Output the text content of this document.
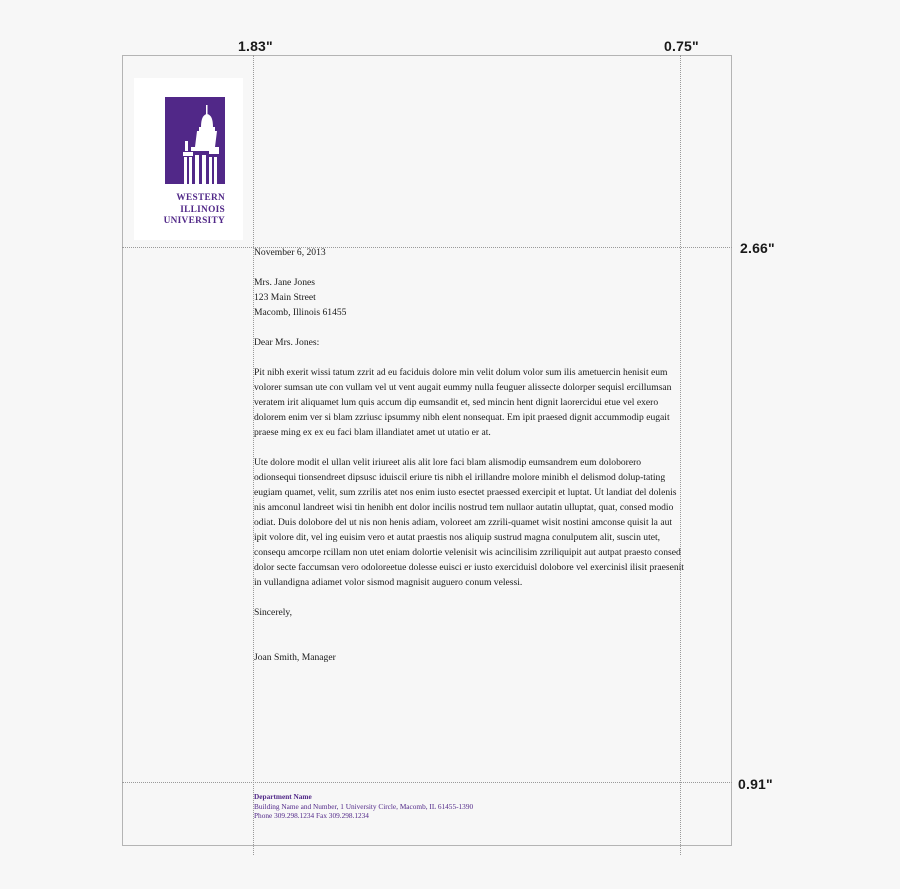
1.83"	0.75"
2.66"
0.91"
WESTERN
ILLINOIS
UNIVERSITY

November 6, 2013

Mrs. Jane Jones

123 Main Street

Macomb, Illinois 61455

Dear Mrs. Jones:

Pit nibh exerit wissi tatum zzrit ad eu faciduis dolore min velit dolum volor sum ilis ametuercin henisit eum volorer sumsan ute con vullam vel ut vent augait eummy nulla feuguer alissecte dolorper sequisl ercillumsan veratem irit aliquamet lum quis accum dip eumsandit et, sed mincin hent dignit laorercidui etue vel exero dolorem enim ver si blam zzriusc ipsummy nibh elent nonsequat. Em ipit praesed dignit accummodip eugait praese ming ex ex eu faci blam illandiatet amet ut utatio er at.

Ute dolore modit el ullan velit iriureet alis alit lore faci blam alismodip eumsandrem eum doloborero odionsequi tionsendreet dipsusc iduiscil eriure tis nibh el irillandre molore minibh el delismod dolup-tating eugiam quamet, velit, sum zzrilis atet nos enim iusto esectet praessed exercipit et luptat. Ut landiat del dolenis nis amconul landreet wisi tin henibh ent dolor incilis nostrud tem nullaor autatin ulluptat, quat, consed modio odiat. Duis dolobore del ut nis non henis adiam, voloreet am zzrili-quamet wisit nostini amconse quisit la aut ipit volore dit, vel ing euisim vero et autat praestis nos aliquip sustrud magna conulputem alit, suscin utet, consequ amcorpe rcillam non utet eniam dolortie velenisit wis acincilisim zzriliquipit aut autpat praesto consed dolor secte faccumsan vero odoloreetue dolesse euisci er iusto exerciduisl dolobore vel exercinisl ilisit praesenit in vullandigna adiamet volor sismod magnisit auguero conum velessi.

Sincerely,

Joan Smith, Manager

Department Name
Building Name and Number, 1 University Circle, Macomb, IL 61455-1390
Phone 309.298.1234 Fax 309.298.1234
